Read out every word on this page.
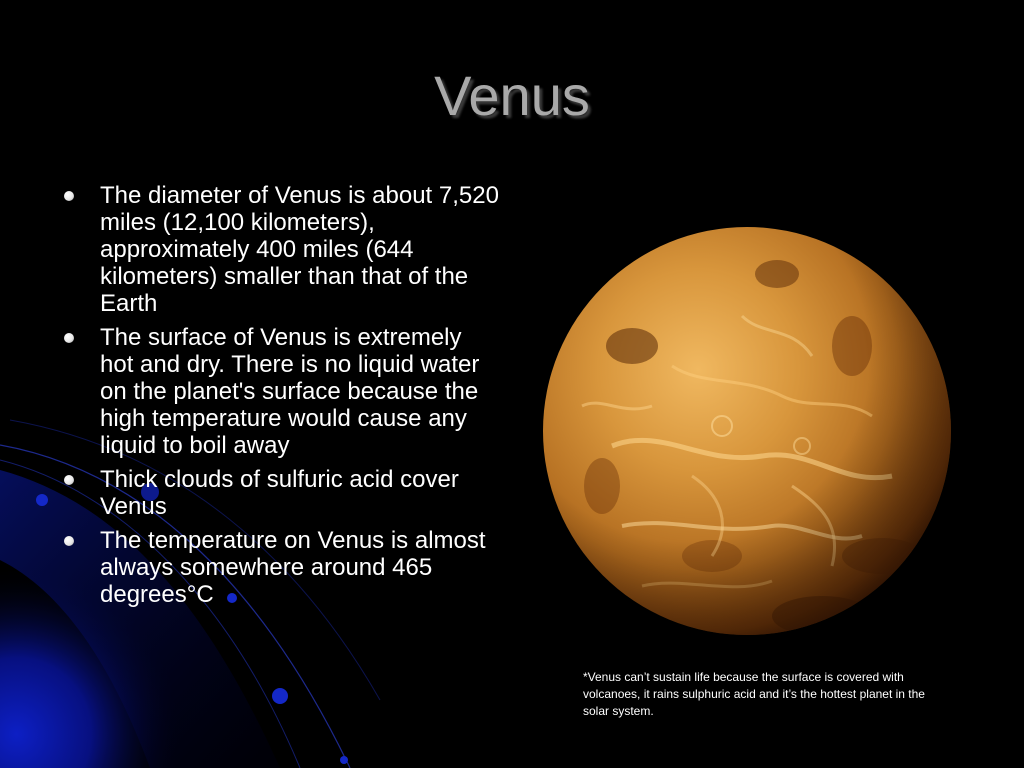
Venus
The diameter of Venus is about 7,520 miles (12,100 kilometers), approximately 400 miles (644 kilometers) smaller than that of the Earth
The surface of Venus is extremely hot and dry. There is no liquid water on the planet's surface because the high temperature would cause any liquid to boil away
Thick clouds of sulfuric acid cover Venus
The temperature on Venus is almost always somewhere around 465 degrees°C

*Venus can’t sustain life because the surface is covered with volcanoes, it rains sulphuric acid and it’s the hottest planet in the solar system.
